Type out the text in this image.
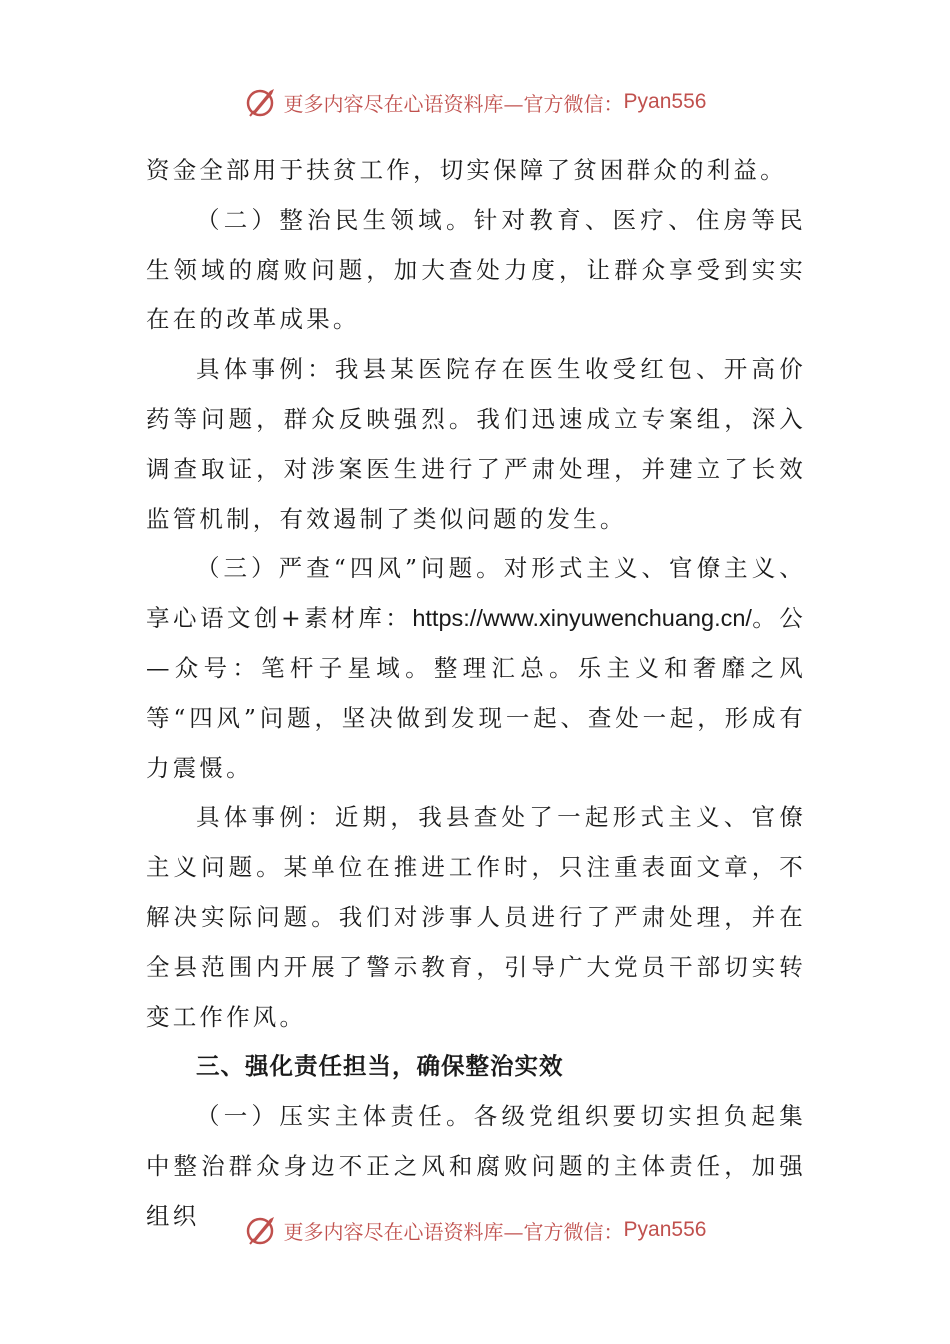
更多内容尽在心语资料库—官方微信： Pyan556

资金全部用于扶贫工作，切实保障了贫困群众的利益。

（二）整治民生领域。针对教育、医疗、住房等民生领域的腐败问题，加大查处力度，让群众享受到实实在在的改革成果。

具体事例：我县某医院存在医生收受红包、开高价药等问题，群众反映强烈。我们迅速成立专案组，深入调查取证，对涉案医生进行了严肃处理，并建立了长效监管机制，有效遏制了类似问题的发生。

（三）严查“四风”问题。对形式主义、官僚主义、享心语文创+素材库：https://www.xinyuwenchuang.cn/。公—众号：笔杆子星域。整理汇总。乐主义和奢靡之风等“四风”问题，坚决做到发现一起、查处一起，形成有力震慑。

具体事例：近期，我县查处了一起形式主义、官僚主义问题。某单位在推进工作时，只注重表面文章，不解决实际问题。我们对涉事人员进行了严肃处理，并在全县范围内开展了警示教育，引导广大党员干部切实转变工作作风。

三、强化责任担当，确保整治实效

（一）压实主体责任。各级党组织要切实担负起集中整治群众身边不正之风和腐败问题的主体责任，加强组织

更多内容尽在心语资料库—官方微信： Pyan556
